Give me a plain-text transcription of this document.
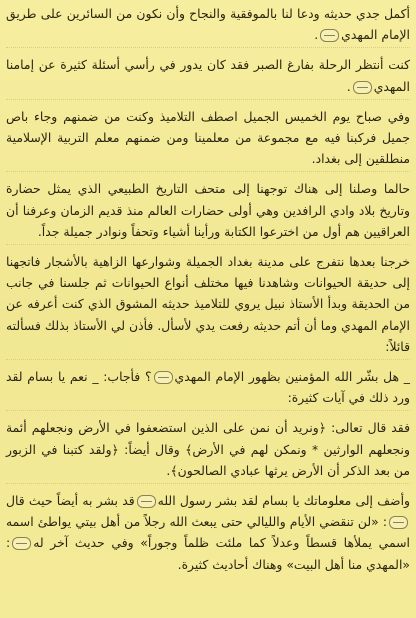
أكمل جدي حديثه ودعا لنا بالموفقية والنجاح وأن نكون من السائرين على طريق الإمام المهدي.

كنت أنتظر الرحلة بفارغ الصبر فقد كان يدور في رأسي أسئلة كثيرة عن إمامنا المهدي.

وفي صباح يوم الخميس الجميل اصطف التلاميذ وكنت من ضمنهم وجاء باص جميل فركبنا فيه مع مجموعة من معلمينا ومن ضمنهم معلم التربية الإسلامية منطلقين إلى بغداد.

حالما وصلنا إلى هناك توجهنا إلى متحف التاريخ الطبيعي الذي يمثل حضارة وتاريخ بلاد وادي الرافدين وهي أولى حضارات العالم منذ قديم الزمان وعرفنا أن العراقيين هم أول من اخترعوا الكتابة ورأينا أشياء وتحفاً ونوادر جميلة جداً.

خرجنا بعدها نتفرج على مدينة بغداد الجميلة وشوارعها الزاهية بالأشجار فاتجهنا إلى حديقة الحيوانات وشاهدنا فيها مختلف أنواع الحيوانات ثم جلسنا في جانب من الحديقة وبدأ الأستاذ نبيل يروي للتلاميذ حديثه المشوق الذي كنت أعرفه عن الإمام المهدي وما أن أتم حديثه رفعت يدي لأسأل. فأذن لي الأستاذ بذلك فسألته قائلاً:

_ هل بشّر الله المؤمنين بظهور الإمام المهدي؟ فأجاب: _ نعم يا بسام لقد ورد ذلك في آيات كثيرة:

فقد قال تعالى: ﴿ونريد أن نمن على الذين استضعفوا في الأرض ونجعلهم أئمة ونجعلهم الوارثين * ونمكن لهم في الأرض﴾ وقال أيضاً: ﴿ولقد كتبنا في الزبور من بعد الذكر أن الأرض يرثها عبادي الصالحون﴾.

وأضف إلى معلوماتك يا بسام لقد بشر رسول اللهقد بشر به أيضاً حيث قال: «لن تنقضي الأيام والليالي حتى يبعث الله رجلاً من أهل بيتي يواطئ اسمه اسمي يملأها قسطاً وعدلاً كما ملئت ظلماً وجوراً» وفي حديث آخر له: «المهدي منا أهل البيت» وهناك أحاديث كثيرة.
